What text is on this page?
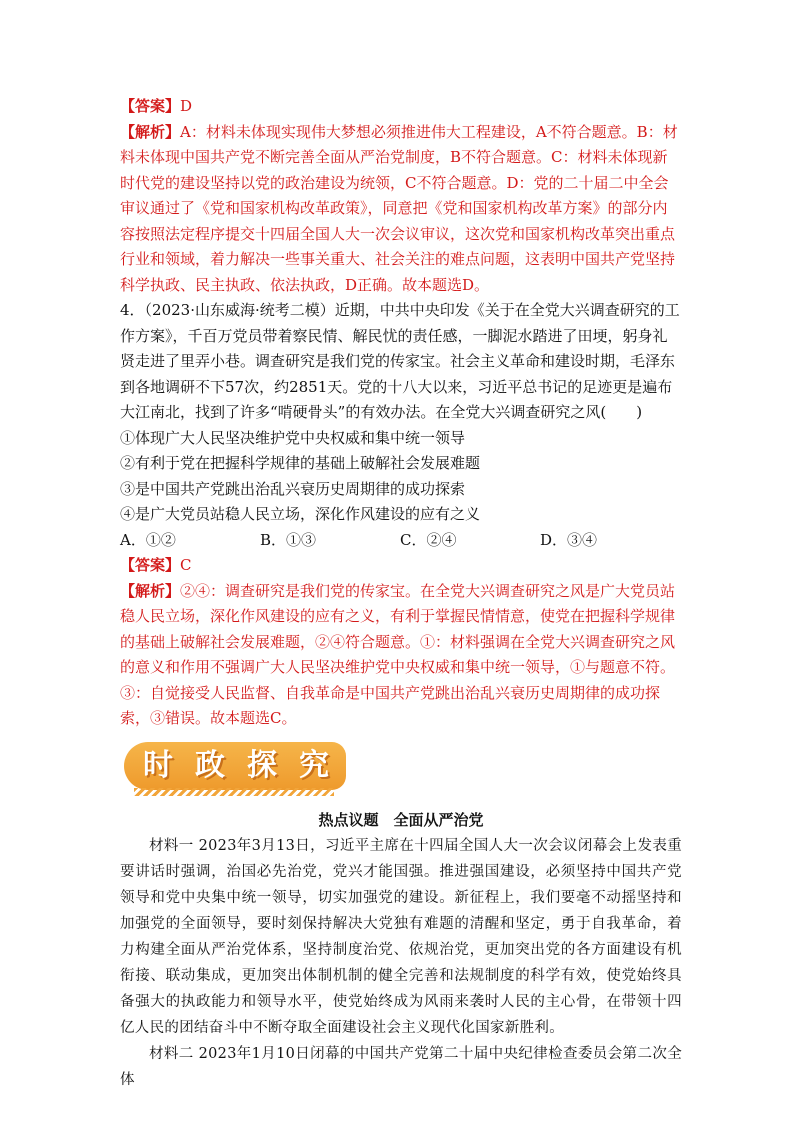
【答案】D

【解析】A：材料未体现实现伟大梦想必须推进伟大工程建设，A不符合题意。B：材料未体现中国共产党不断完善全面从严治党制度，B不符合题意。C：材料未体现新时代党的建设坚持以党的政治建设为统领，C不符合题意。D：党的二十届二中全会审议通过了《党和国家机构改革政策》，同意把《党和国家机构改革方案》的部分内容按照法定程序提交十四届全国人大一次会议审议，这次党和国家机构改革突出重点行业和领域，着力解决一些事关重大、社会关注的难点问题，这表明中国共产党坚持科学执政、民主执政、依法执政，D正确。故本题选D。

4．（2023·山东威海·统考二模）近期，中共中央印发《关于在全党大兴调查研究的工作方案》，千百万党员带着察民情、解民忧的责任感，一脚泥水踏进了田埂，躬身礼贤走进了里弄小巷。调查研究是我们党的传家宝。社会主义革命和建设时期，毛泽东到各地调研不下57次，约2851天。党的十八大以来，习近平总书记的足迹更是遍布大江南北，找到了许多“啃硬骨头”的有效办法。在全党大兴调查研究之风(　　)

①体现广大人民坚决维护党中央权威和集中统一领导

②有利于党在把握科学规律的基础上破解社会发展难题

③是中国共产党跳出治乱兴衰历史周期律的成功探索

④是广大党员站稳人民立场，深化作风建设的应有之义

A．①②	B．①③	C．②④	D．③④

【答案】C

【解析】②④：调查研究是我们党的传家宝。在全党大兴调查研究之风是广大党员站稳人民立场，深化作风建设的应有之义，有利于掌握民情情意，使党在把握科学规律的基础上破解社会发展难题，②④符合题意。①：材料强调在全党大兴调查研究之风的意义和作用不强调广大人民坚决维护党中央权威和集中统一领导，①与题意不符。③：自觉接受人民监督、自我革命是中国共产党跳出治乱兴衰历史周期律的成功探索，③错误。故本题选C。

时 政 探 究

热点议题　全面从严治党

材料一 2023年3月13日，习近平主席在十四届全国人大一次会议闭幕会上发表重要讲话时强调，治国必先治党，党兴才能国强。推进强国建设，必须坚持中国共产党领导和党中央集中统一领导，切实加强党的建设。新征程上，我们要毫不动摇坚持和加强党的全面领导，要时刻保持解决大党独有难题的清醒和坚定，勇于自我革命，着力构建全面从严治党体系，坚持制度治党、依规治党，更加突出党的各方面建设有机衔接、联动集成，更加突出体制机制的健全完善和法规制度的科学有效，使党始终具备强大的执政能力和领导水平，使党始终成为风雨来袭时人民的主心骨，在带领十四亿人民的团结奋斗中不断夺取全面建设社会主义现代化国家新胜利。

材料二 2023年1月10日闭幕的中国共产党第二十届中央纪律检查委员会第二次全体
